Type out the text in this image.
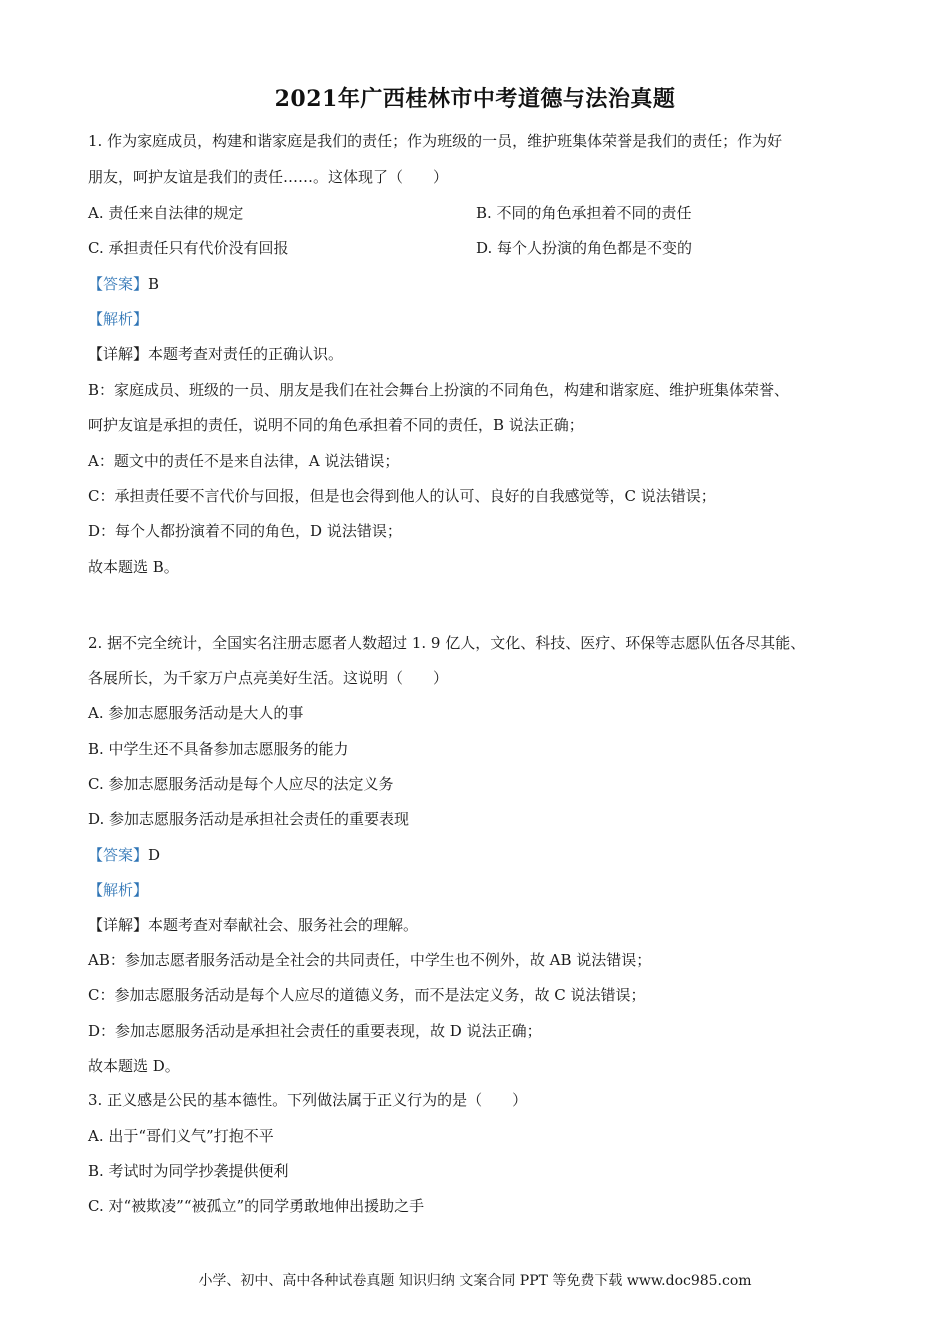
2021年广西桂林市中考道德与法治真题
1. 作为家庭成员，构建和谐家庭是我们的责任；作为班级的一员，维护班集体荣誉是我们的责任；作为好
朋友，呵护友谊是我们的责任……。这体现了（　　）
A. 责任来自法律的规定	B. 不同的角色承担着不同的责任
C. 承担责任只有代价没有回报	D. 每个人扮演的角色都是不变的
【答案】B
【解析】
【详解】本题考查对责任的正确认识。
B：家庭成员、班级的一员、朋友是我们在社会舞台上扮演的不同角色，构建和谐家庭、维护班集体荣誉、
呵护友谊是承担的责任，说明不同的角色承担着不同的责任，B 说法正确；
A：题文中的责任不是来自法律，A 说法错误；
C：承担责任要不言代价与回报，但是也会得到他人的认可、良好的自我感觉等，C 说法错误；
D：每个人都扮演着不同的角色，D 说法错误；
故本题选 B。
2. 据不完全统计，全国实名注册志愿者人数超过 1. 9 亿人，文化、科技、医疗、环保等志愿队伍各尽其能、
各展所长，为千家万户点亮美好生活。这说明（　　）
A. 参加志愿服务活动是大人的事
B. 中学生还不具备参加志愿服务的能力
C. 参加志愿服务活动是每个人应尽的法定义务
D. 参加志愿服务活动是承担社会责任的重要表现
【答案】D
【解析】
【详解】本题考查对奉献社会、服务社会的理解。
AB：参加志愿者服务活动是全社会的共同责任，中学生也不例外，故 AB 说法错误；
C：参加志愿服务活动是每个人应尽的道德义务，而不是法定义务，故 C 说法错误；
D：参加志愿服务活动是承担社会责任的重要表现，故 D 说法正确；
故本题选 D。
3. 正义感是公民的基本德性。下列做法属于正义行为的是（　　）
A. 出于“哥们义气”打抱不平
B. 考试时为同学抄袭提供便利
C. 对“被欺凌”“被孤立”的同学勇敢地伸出援助之手
小学、初中、高中各种试卷真题 知识归纳 文案合同 PPT 等免费下载 www.doc985.com
